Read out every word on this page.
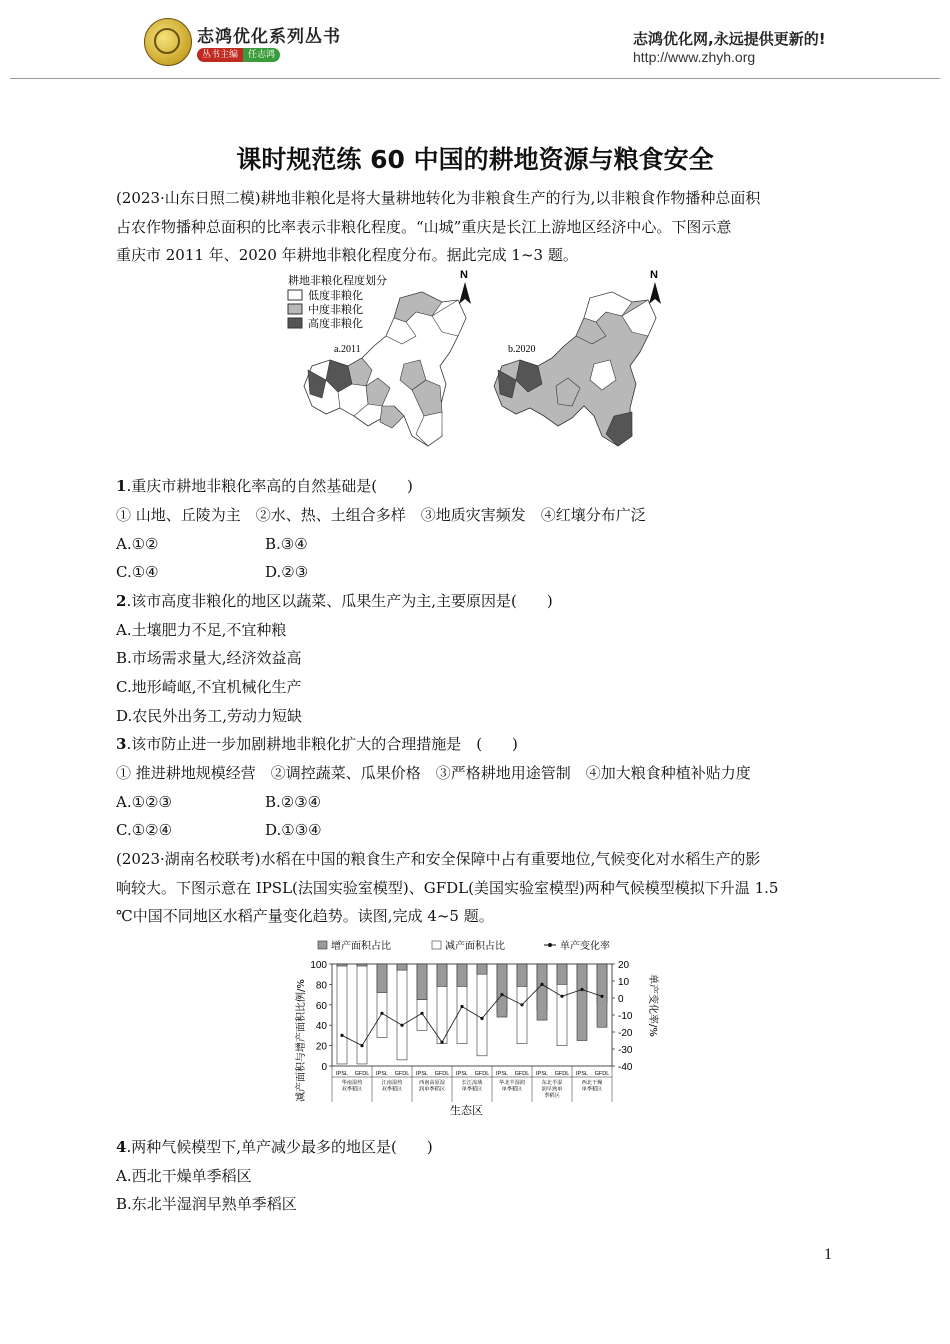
志鸿优化系列丛书
丛书主编 任志鸿
志鸿优化网,永远提供更新的!
http://www.zhyh.org
课时规范练 60 中国的耕地资源与粮食安全
(2023·山东日照二模)耕地非粮化是将大量耕地转化为非粮食生产的行为,以非粮食作物播种总面积
占农作物播种总面积的比率表示非粮化程度。“山城”重庆是长江上游地区经济中心。下图示意
重庆市 2011 年、2020 年耕地非粮化程度分布。据此完成 1~3 题。
耕地非粮化程度划分
低度非粮化
中度非粮化
高度非粮化
a.2011
N
b.2020
N
1.重庆市耕地非粮化率高的自然基础是(　　)
① 山地、丘陵为主　②水、热、土组合多样　③地质灾害频发　④红壤分布广泛
A.①②	B.③④
C.①④	D.②③
2.该市高度非粮化的地区以蔬菜、瓜果生产为主,主要原因是(　　)
A.土壤肥力不足,不宜种粮
B.市场需求量大,经济效益高
C.地形崎岖,不宜机械化生产
D.农民外出务工,劳动力短缺
3.该市防止进一步加剧耕地非粮化扩大的合理措施是　(　　)
① 推进耕地规模经营　②调控蔬菜、瓜果价格　③严格耕地用途管制　④加大粮食种植补贴力度
A.①②③	B.②③④
C.①②④	D.①③④
(2023·湖南名校联考)水稻在中国的粮食生产和安全保障中占有重要地位,气候变化对水稻生产的影
响较大。下图示意在 IPSL(法国实验室模型)、GFDL(美国实验室模型)两种气候模型模拟下升温 1.5
℃中国不同地区水稻产量变化趋势。读图,完成 4~5 题。
增产面积占比	减产面积占比	单产变化率
减产面积与增产面积比例/%	单产变化率/%
生态区
0
20
40
60
80
100
-40
-30
-20
-10
0
10
20
IPSL GFDL IPSL GFDL IPSL GFDL IPSL GFDL IPSL GFDL IPSL GFDL IPSL GFDL
华南湿热
双季稻区
江南湿热
双季稻区
西南高原湿
润单季稻区
长江流域
单季稻区
华北半湿润
单季稻区
东北半湿
润早熟单
季稻区
西北干燥
单季稻区
4.两种气候模型下,单产减少最多的地区是(　　)
A.西北干燥单季稻区
B.东北半湿润早熟单季稻区
1
